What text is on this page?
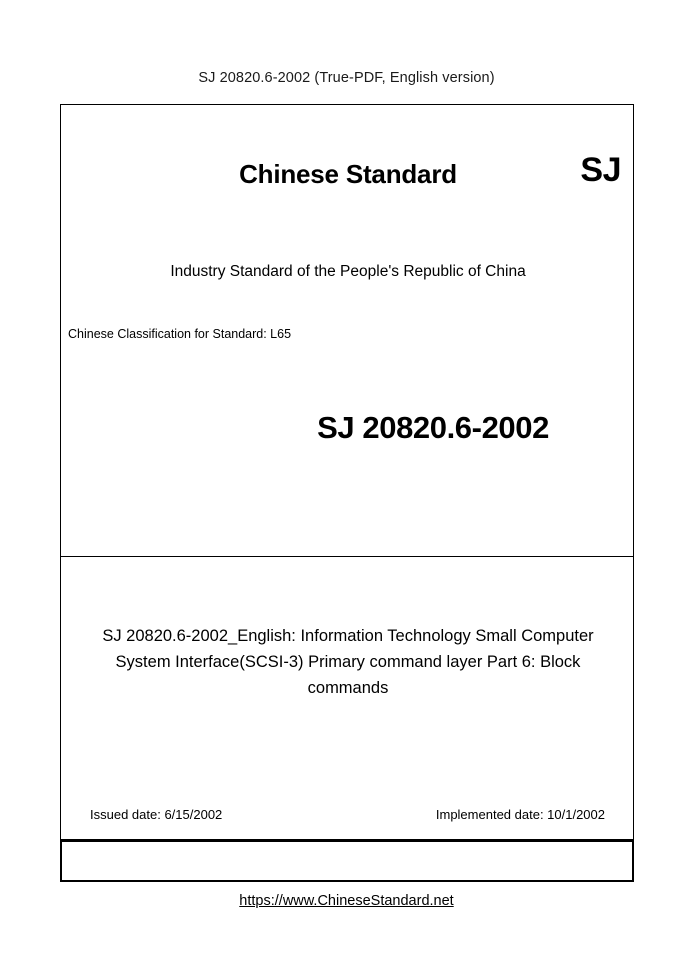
SJ 20820.6-2002 (True-PDF, English version)
Chinese Standard	SJ
Industry Standard of the People's Republic of China
Chinese Classification for Standard: L65
SJ 20820.6-2002
SJ 20820.6-2002_English: Information Technology Small Computer System Interface(SCSI-3) Primary command layer Part 6: Block commands
Issued date: 6/15/2002	Implemented date: 10/1/2002
https://www.ChineseStandard.net
